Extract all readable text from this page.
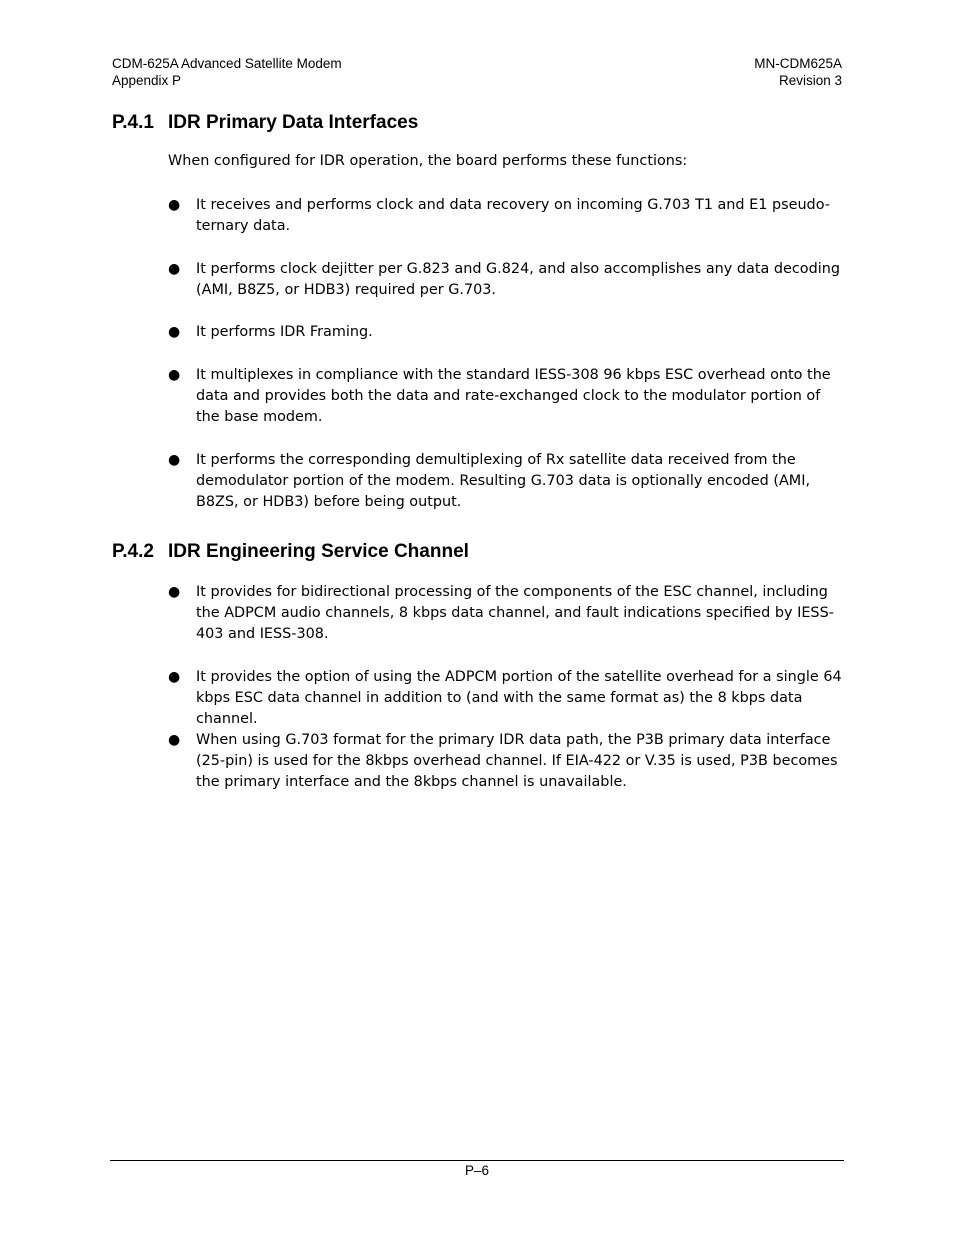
CDM-625A Advanced Satellite Modem
Appendix P
MN-CDM625A
Revision 3
P.4.1 IDR Primary Data Interfaces
When configured for IDR operation, the board performs these functions:
● It receives and performs clock and data recovery on incoming G.703 T1 and E1 pseudo-ternary data.
● It performs clock dejitter per G.823 and G.824, and also accomplishes any data decoding (AMI, B8Z5, or HDB3) required per G.703.
● It performs IDR Framing.
● It multiplexes in compliance with the standard IESS-308 96 kbps ESC overhead onto the data and provides both the data and rate-exchanged clock to the modulator portion of the base modem.
● It performs the corresponding demultiplexing of Rx satellite data received from the demodulator portion of the modem. Resulting G.703 data is optionally encoded (AMI, B8ZS, or HDB3) before being output.
P.4.2 IDR Engineering Service Channel
● It provides for bidirectional processing of the components of the ESC channel, including the ADPCM audio channels, 8 kbps data channel, and fault indications specified by IESS-403 and IESS-308.
● It provides the option of using the ADPCM portion of the satellite overhead for a single 64 kbps ESC data channel in addition to (and with the same format as) the 8 kbps data channel.
● When using G.703 format for the primary IDR data path, the P3B primary data interface (25-pin) is used for the 8kbps overhead channel. If EIA-422 or V.35 is used, P3B becomes the primary interface and the 8kbps channel is unavailable.
P–6
